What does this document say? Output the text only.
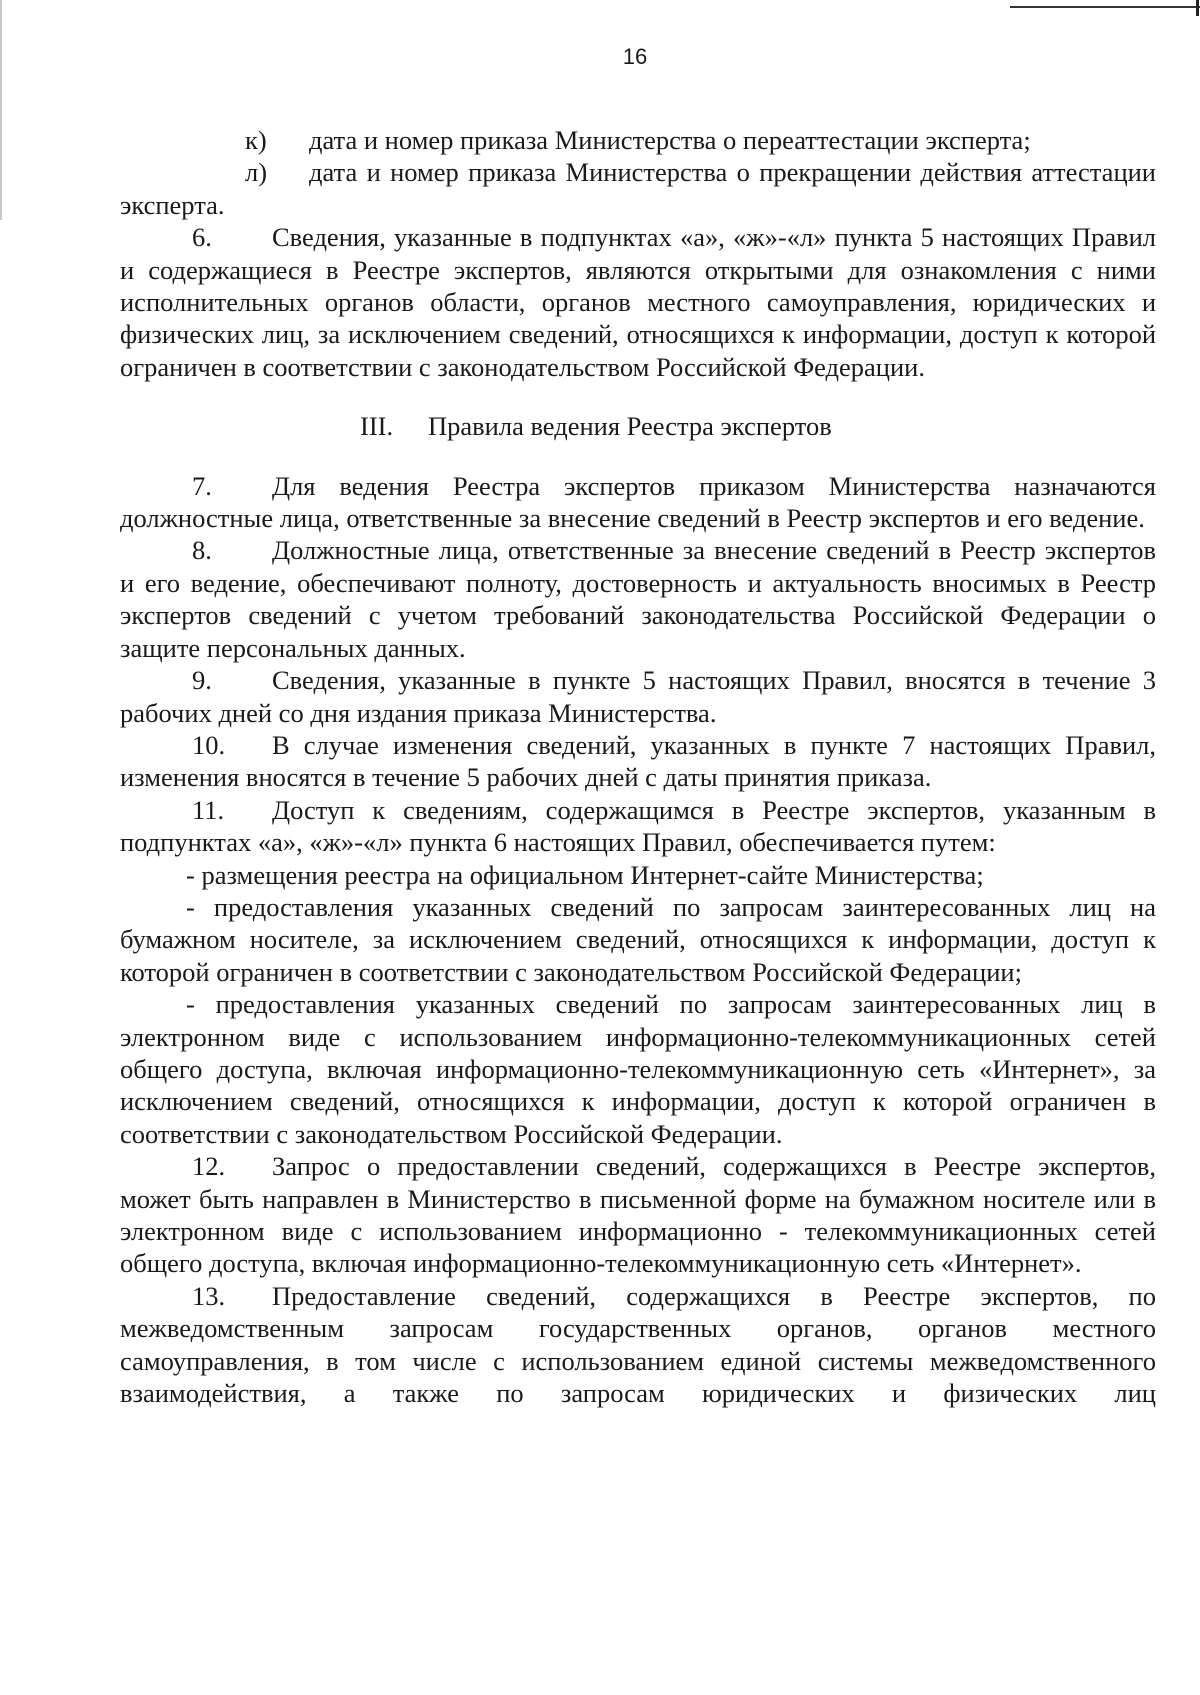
16

к) дата и номер приказа Министерства о переаттестации эксперта;

л) дата и номер приказа Министерства о прекращении действия аттестации эксперта.

6. Сведения, указанные в подпунктах «а», «ж»-«л» пункта 5 настоящих Правил и содержащиеся в Реестре экспертов, являются открытыми для ознакомления с ними исполнительных органов области, органов местного самоуправления, юридических и физических лиц, за исключением сведений, относящихся к информации, доступ к которой ограничен в соответствии с законодательством Российской Федерации.

III. Правила ведения Реестра экспертов

7. Для ведения Реестра экспертов приказом Министерства назначаются должностные лица, ответственные за внесение сведений в Реестр экспертов и его ведение.

8. Должностные лица, ответственные за внесение сведений в Реестр экспертов и его ведение, обеспечивают полноту, достоверность и актуальность вносимых в Реестр экспертов сведений с учетом требований законодательства Российской Федерации о защите персональных данных.

9. Сведения, указанные в пункте 5 настоящих Правил, вносятся в течение 3 рабочих дней со дня издания приказа Министерства.

10. В случае изменения сведений, указанных в пункте 7 настоящих Правил, изменения вносятся в течение 5 рабочих дней с даты принятия приказа.

11. Доступ к сведениям, содержащимся в Реестре экспертов, указанным в подпунктах «а», «ж»-«л» пункта 6 настоящих Правил, обеспечивается путем:

- размещения реестра на официальном Интернет-сайте Министерства;

- предоставления указанных сведений по запросам заинтересованных лиц на бумажном носителе, за исключением сведений, относящихся к информации, доступ к которой ограничен в соответствии с законодательством Российской Федерации;

- предоставления указанных сведений по запросам заинтересованных лиц в электронном виде с использованием информационно-телекоммуникационных сетей общего доступа, включая информационно-телекоммуникационную сеть «Интернет», за исключением сведений, относящихся к информации, доступ к которой ограничен в соответствии с законодательством Российской Федерации.

12. Запрос о предоставлении сведений, содержащихся в Реестре экспертов, может быть направлен в Министерство в письменной форме на бумажном носителе или в электронном виде с использованием информационно - телекоммуникационных сетей общего доступа, включая информационно-телекоммуникационную сеть «Интернет».

13. Предоставление сведений, содержащихся в Реестре экспертов, по межведомственным запросам государственных органов, органов местного самоуправления, в том числе с использованием единой системы межведомственного взаимодействия, а также по запросам юридических и физических лиц
